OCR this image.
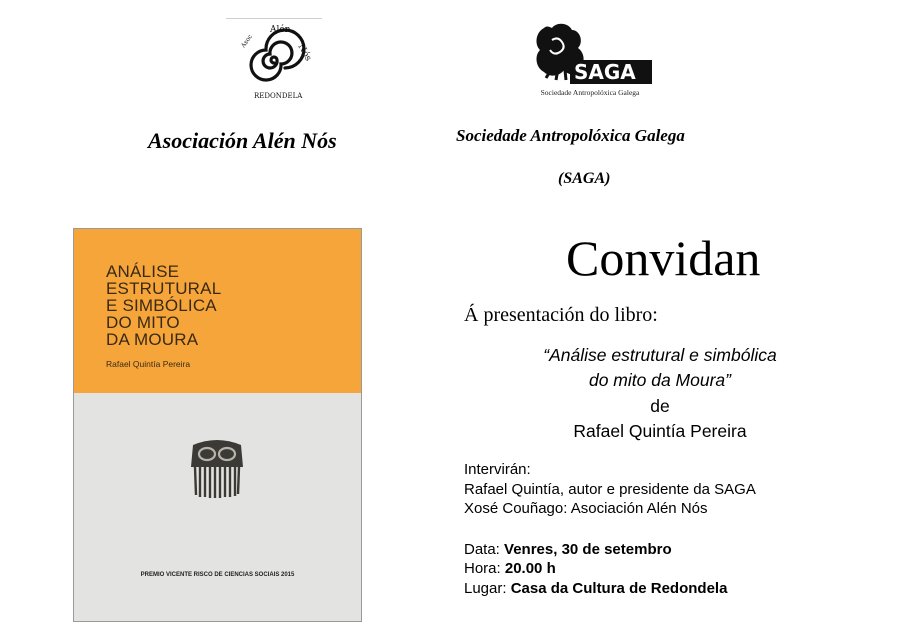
Asoc
Alén
Nós
REDONDELA
SAGA
Sociedade Antropolóxica Galega
Asociación Alén Nós	Sociedade Antropolóxica Galega
(SAGA)
ANÁLISE
ESTRUTURAL
E SIMBÓLICA
DO MITO
DA MOURA
Rafael Quintía Pereira
PREMIO VICENTE RISCO DE CIENCIAS SOCIAIS 2015
Convidan
Á presentación do libro:
“Análise estrutural e simbólica
do mito da Moura”
de
Rafael Quintía Pereira
Intervirán:
Rafael Quintía, autor e presidente da SAGA
Xosé Couñago: Asociación Alén Nós
Data: Venres, 30 de setembro
Hora: 20.00 h
Lugar: Casa da Cultura de Redondela
